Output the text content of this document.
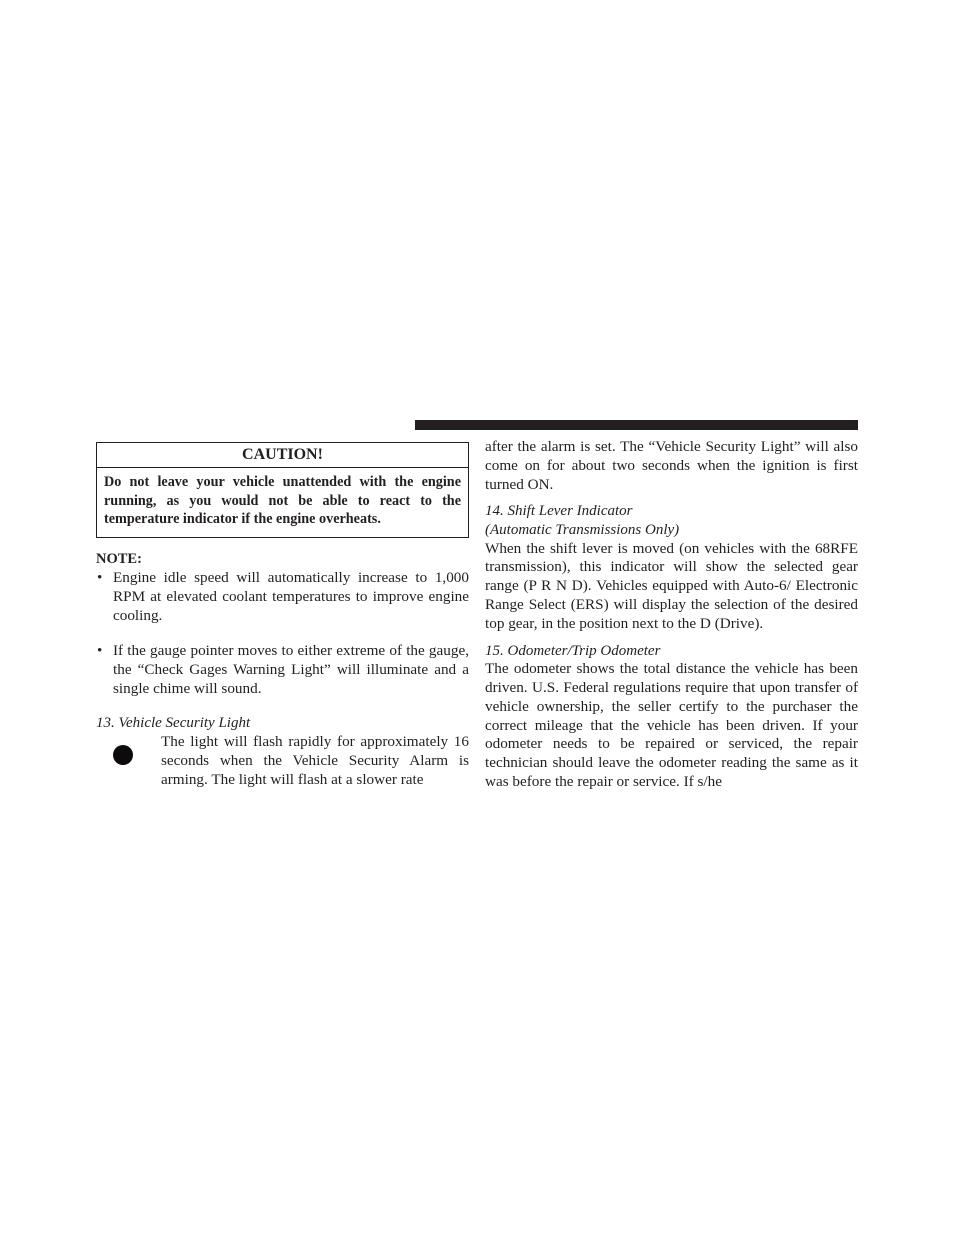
CAUTION!
Do not leave your vehicle unattended with the engine running, as you would not be able to react to the temperature indicator if the engine overheats.
NOTE:
• Engine idle speed will automatically increase to 1,000 RPM at elevated coolant temperatures to improve engine cooling.
• If the gauge pointer moves to either extreme of the gauge, the “Check Gages Warning Light” will illuminate and a single chime will sound.
13. Vehicle Security Light
The light will flash rapidly for approximately 16 seconds when the Vehicle Security Alarm is arming. The light will flash at a slower rate
after the alarm is set. The “Vehicle Security Light” will also come on for about two seconds when the ignition is first turned ON.
14. Shift Lever Indicator
(Automatic Transmissions Only)
When the shift lever is moved (on vehicles with the 68RFE transmission), this indicator will show the selected gear range (P R N D). Vehicles equipped with Auto-6/ Electronic Range Select (ERS) will display the selection of the desired top gear, in the position next to the D (Drive).
15. Odometer/Trip Odometer
The odometer shows the total distance the vehicle has been driven. U.S. Federal regulations require that upon transfer of vehicle ownership, the seller certify to the purchaser the correct mileage that the vehicle has been driven. If your odometer needs to be repaired or serviced, the repair technician should leave the odometer reading the same as it was before the repair or service. If s/he
